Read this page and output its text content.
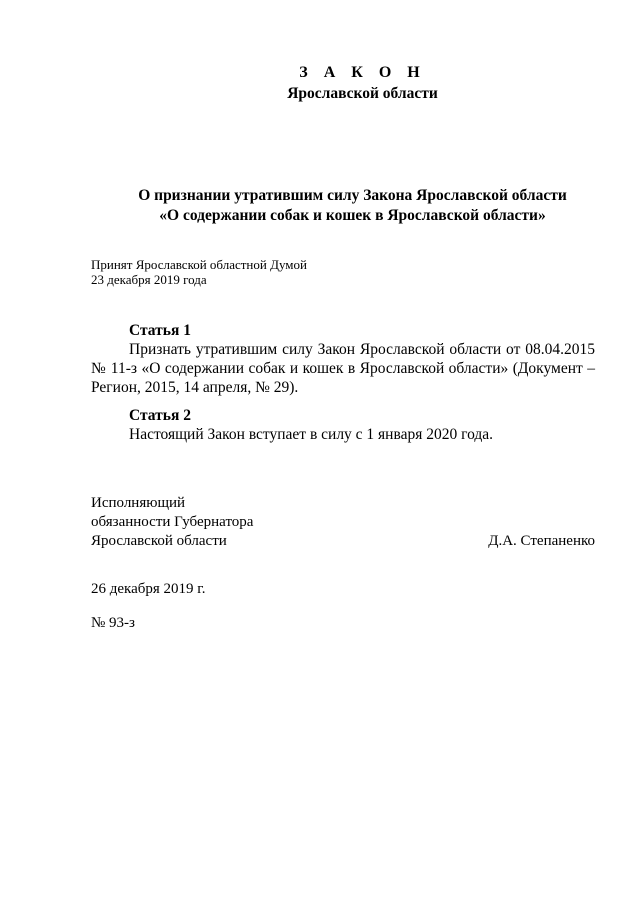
З А К О Н
Ярославской области
О признании утратившим силу Закона Ярославской области
«О содержании собак и кошек в Ярославской области»
Принят Ярославской областной Думой
23 декабря 2019 года
Статья 1

Признать утратившим силу Закон Ярославской области от 08.04.2015 № 11-з «О содержании собак и кошек в Ярославской области» (Документ – Регион, 2015, 14 апреля, № 29).

Статья 2

Настоящий Закон вступает в силу с 1 января 2020 года.

Исполняющий
обязанности Губернатора
Ярославской области	Д.А. Степаненко
26 декабря 2019 г.
№ 93-з
